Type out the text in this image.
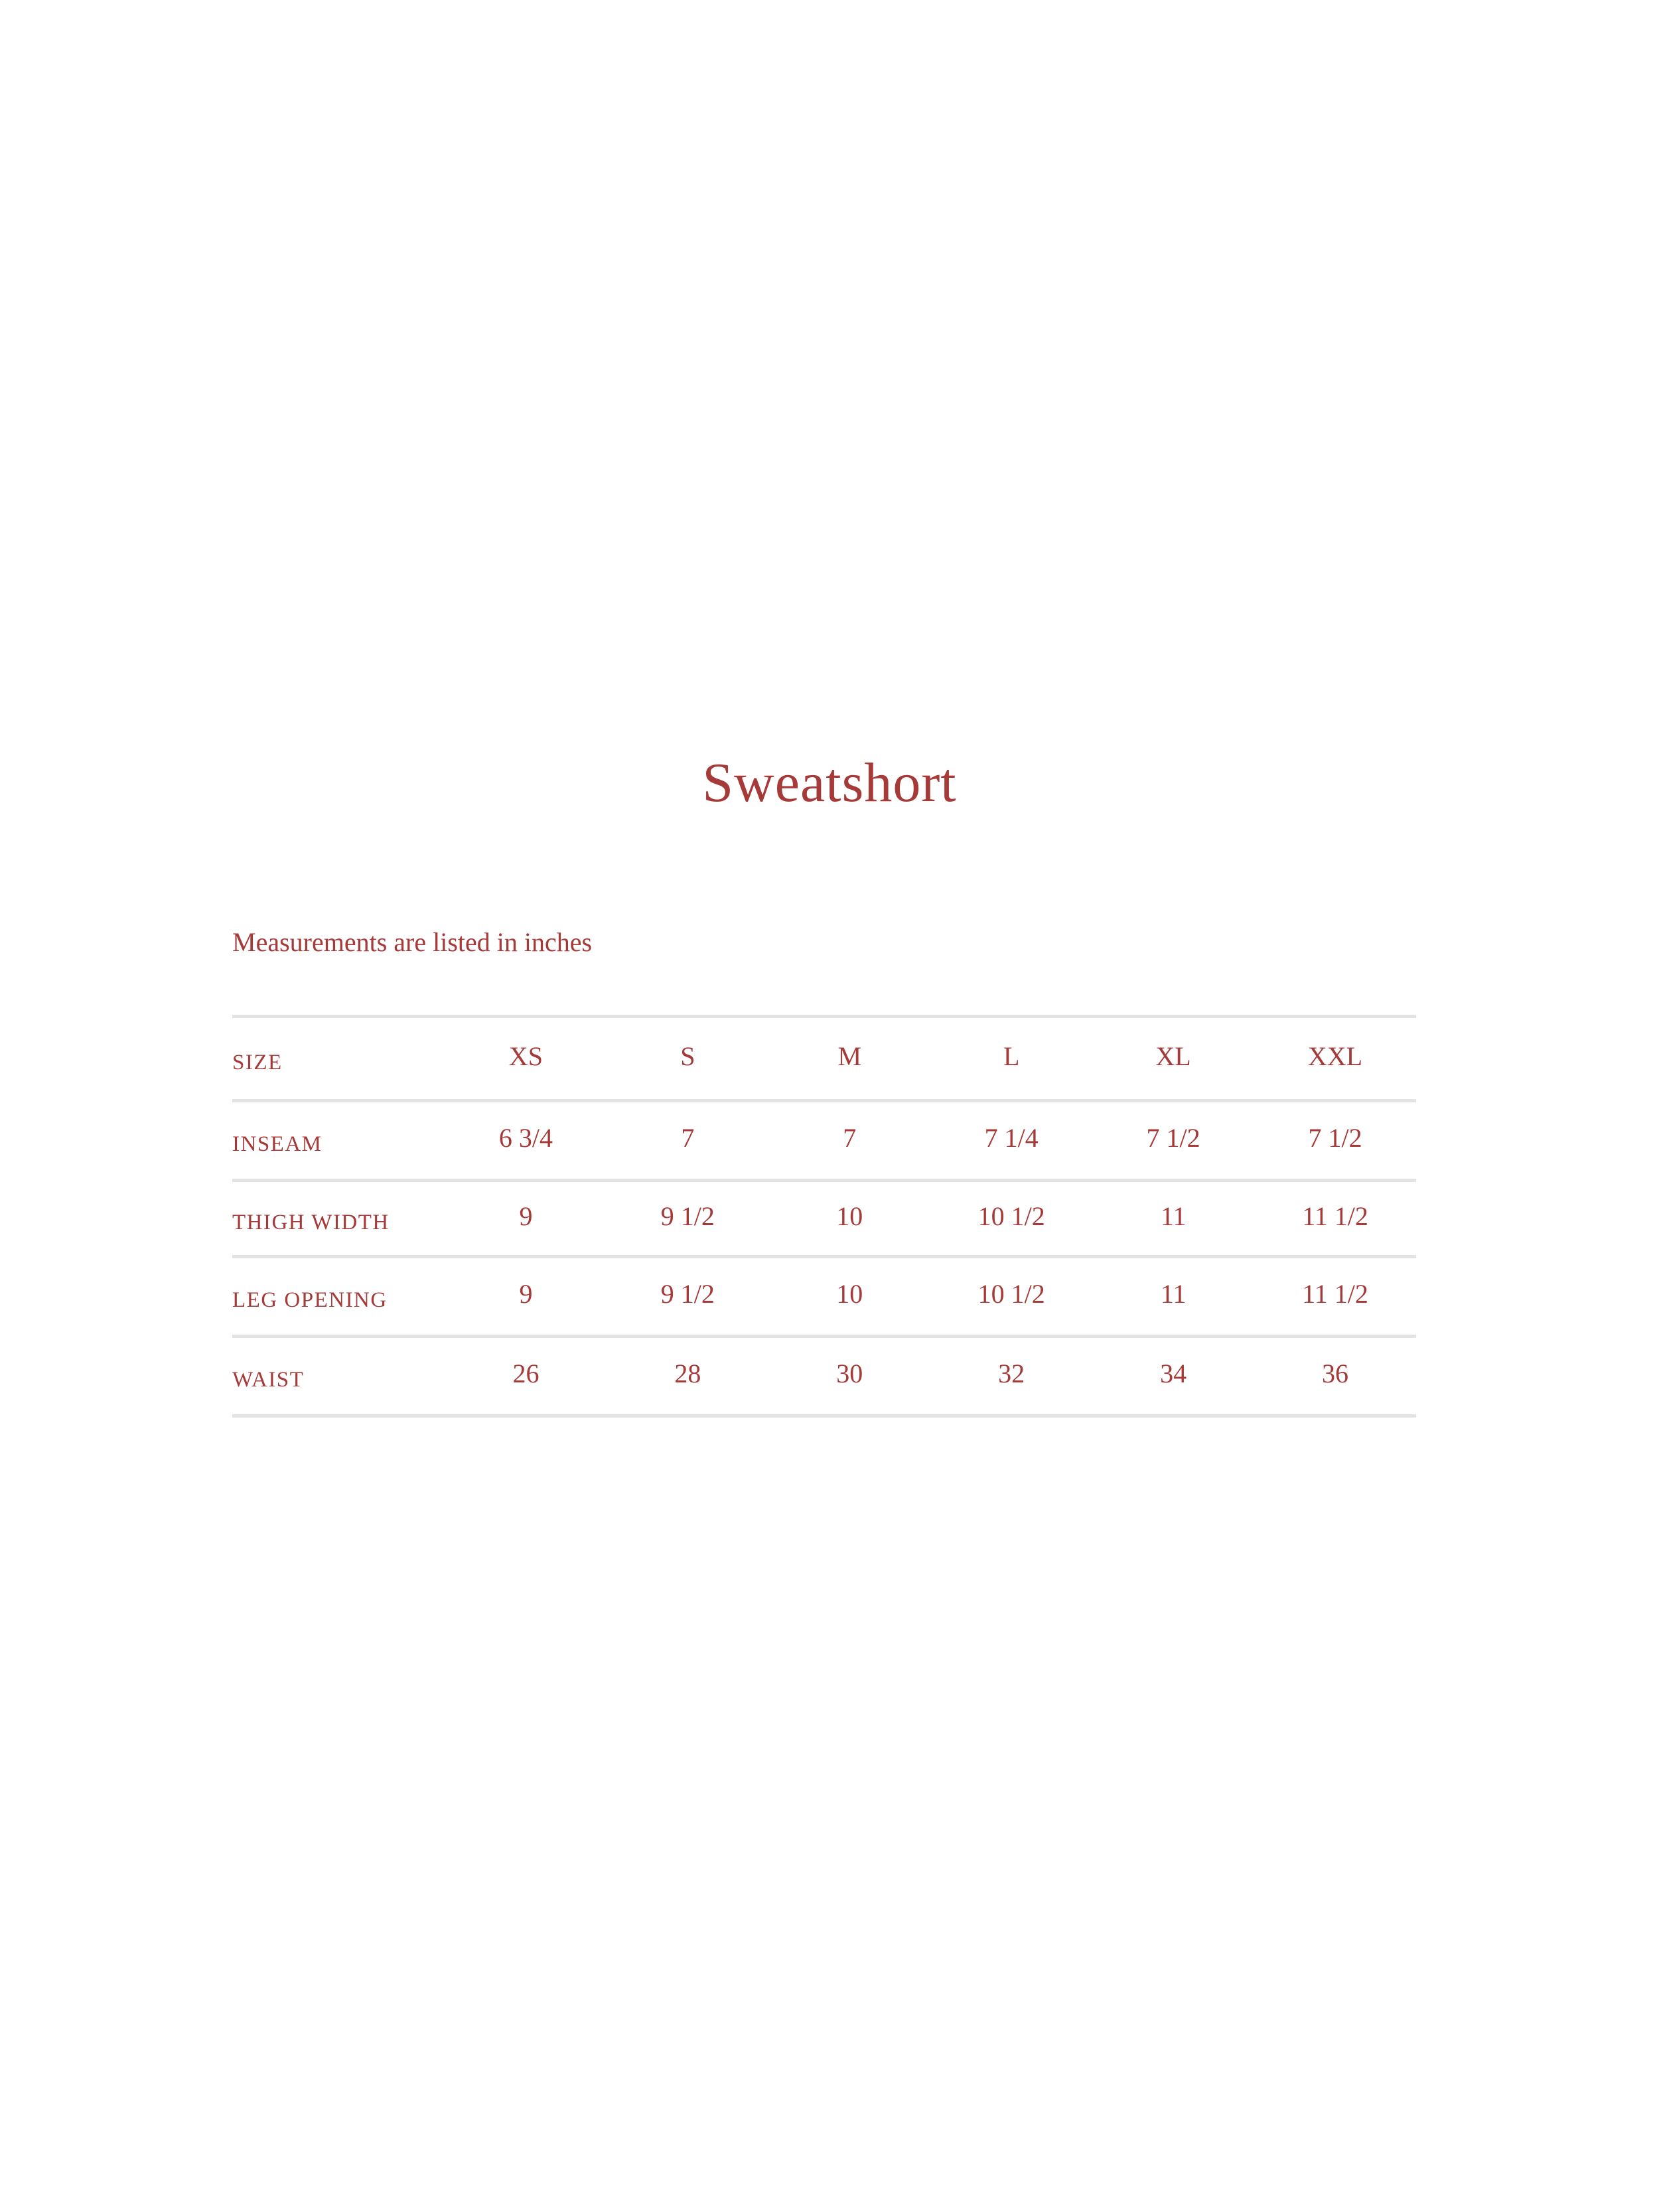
Sweatshort
Measurements are listed in inches
SIZE	XS	S	M	L	XL	XXL
INSEAM	6 3/4	7	7	7 1/4	7 1/2	7 1/2
THIGH WIDTH	9	9 1/2	10	10 1/2	11	11 1/2
LEG OPENING	9	9 1/2	10	10 1/2	11	11 1/2
WAIST	26	28	30	32	34	36
